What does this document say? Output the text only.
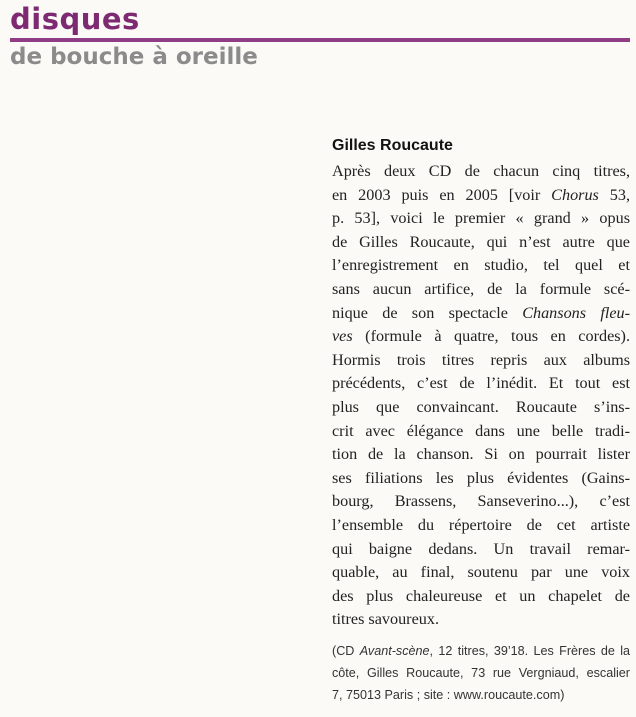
disques
de bouche à oreille
Gilles Roucaute
Après deux CD de chacun cinq titres,
en 2003 puis en 2005 [voir Chorus 53,
p. 53], voici le premier « grand » opus
de Gilles Roucaute, qui n’est autre que
l’enregistrement en studio, tel quel et
sans aucun artifice, de la formule scé-
nique de son spectacle Chansons fleu-
ves (formule à quatre, tous en cordes).
Hormis trois titres repris aux albums
précédents, c’est de l’inédit. Et tout est
plus que convaincant. Roucaute s’ins-
crit avec élégance dans une belle tradi-
tion de la chanson. Si on pourrait lister
ses filiations les plus évidentes (Gains-
bourg, Brassens, Sanseverino...), c’est
l’ensemble du répertoire de cet artiste
qui baigne dedans. Un travail remar-
quable, au final, soutenu par une voix
des plus chaleureuse et un chapelet de
titres savoureux.
(CD Avant-scène, 12 titres, 39’18. Les Frères de la
côte, Gilles Roucaute, 73 rue Vergniaud, escalier
7, 75013 Paris ; site : www.roucaute.com)
